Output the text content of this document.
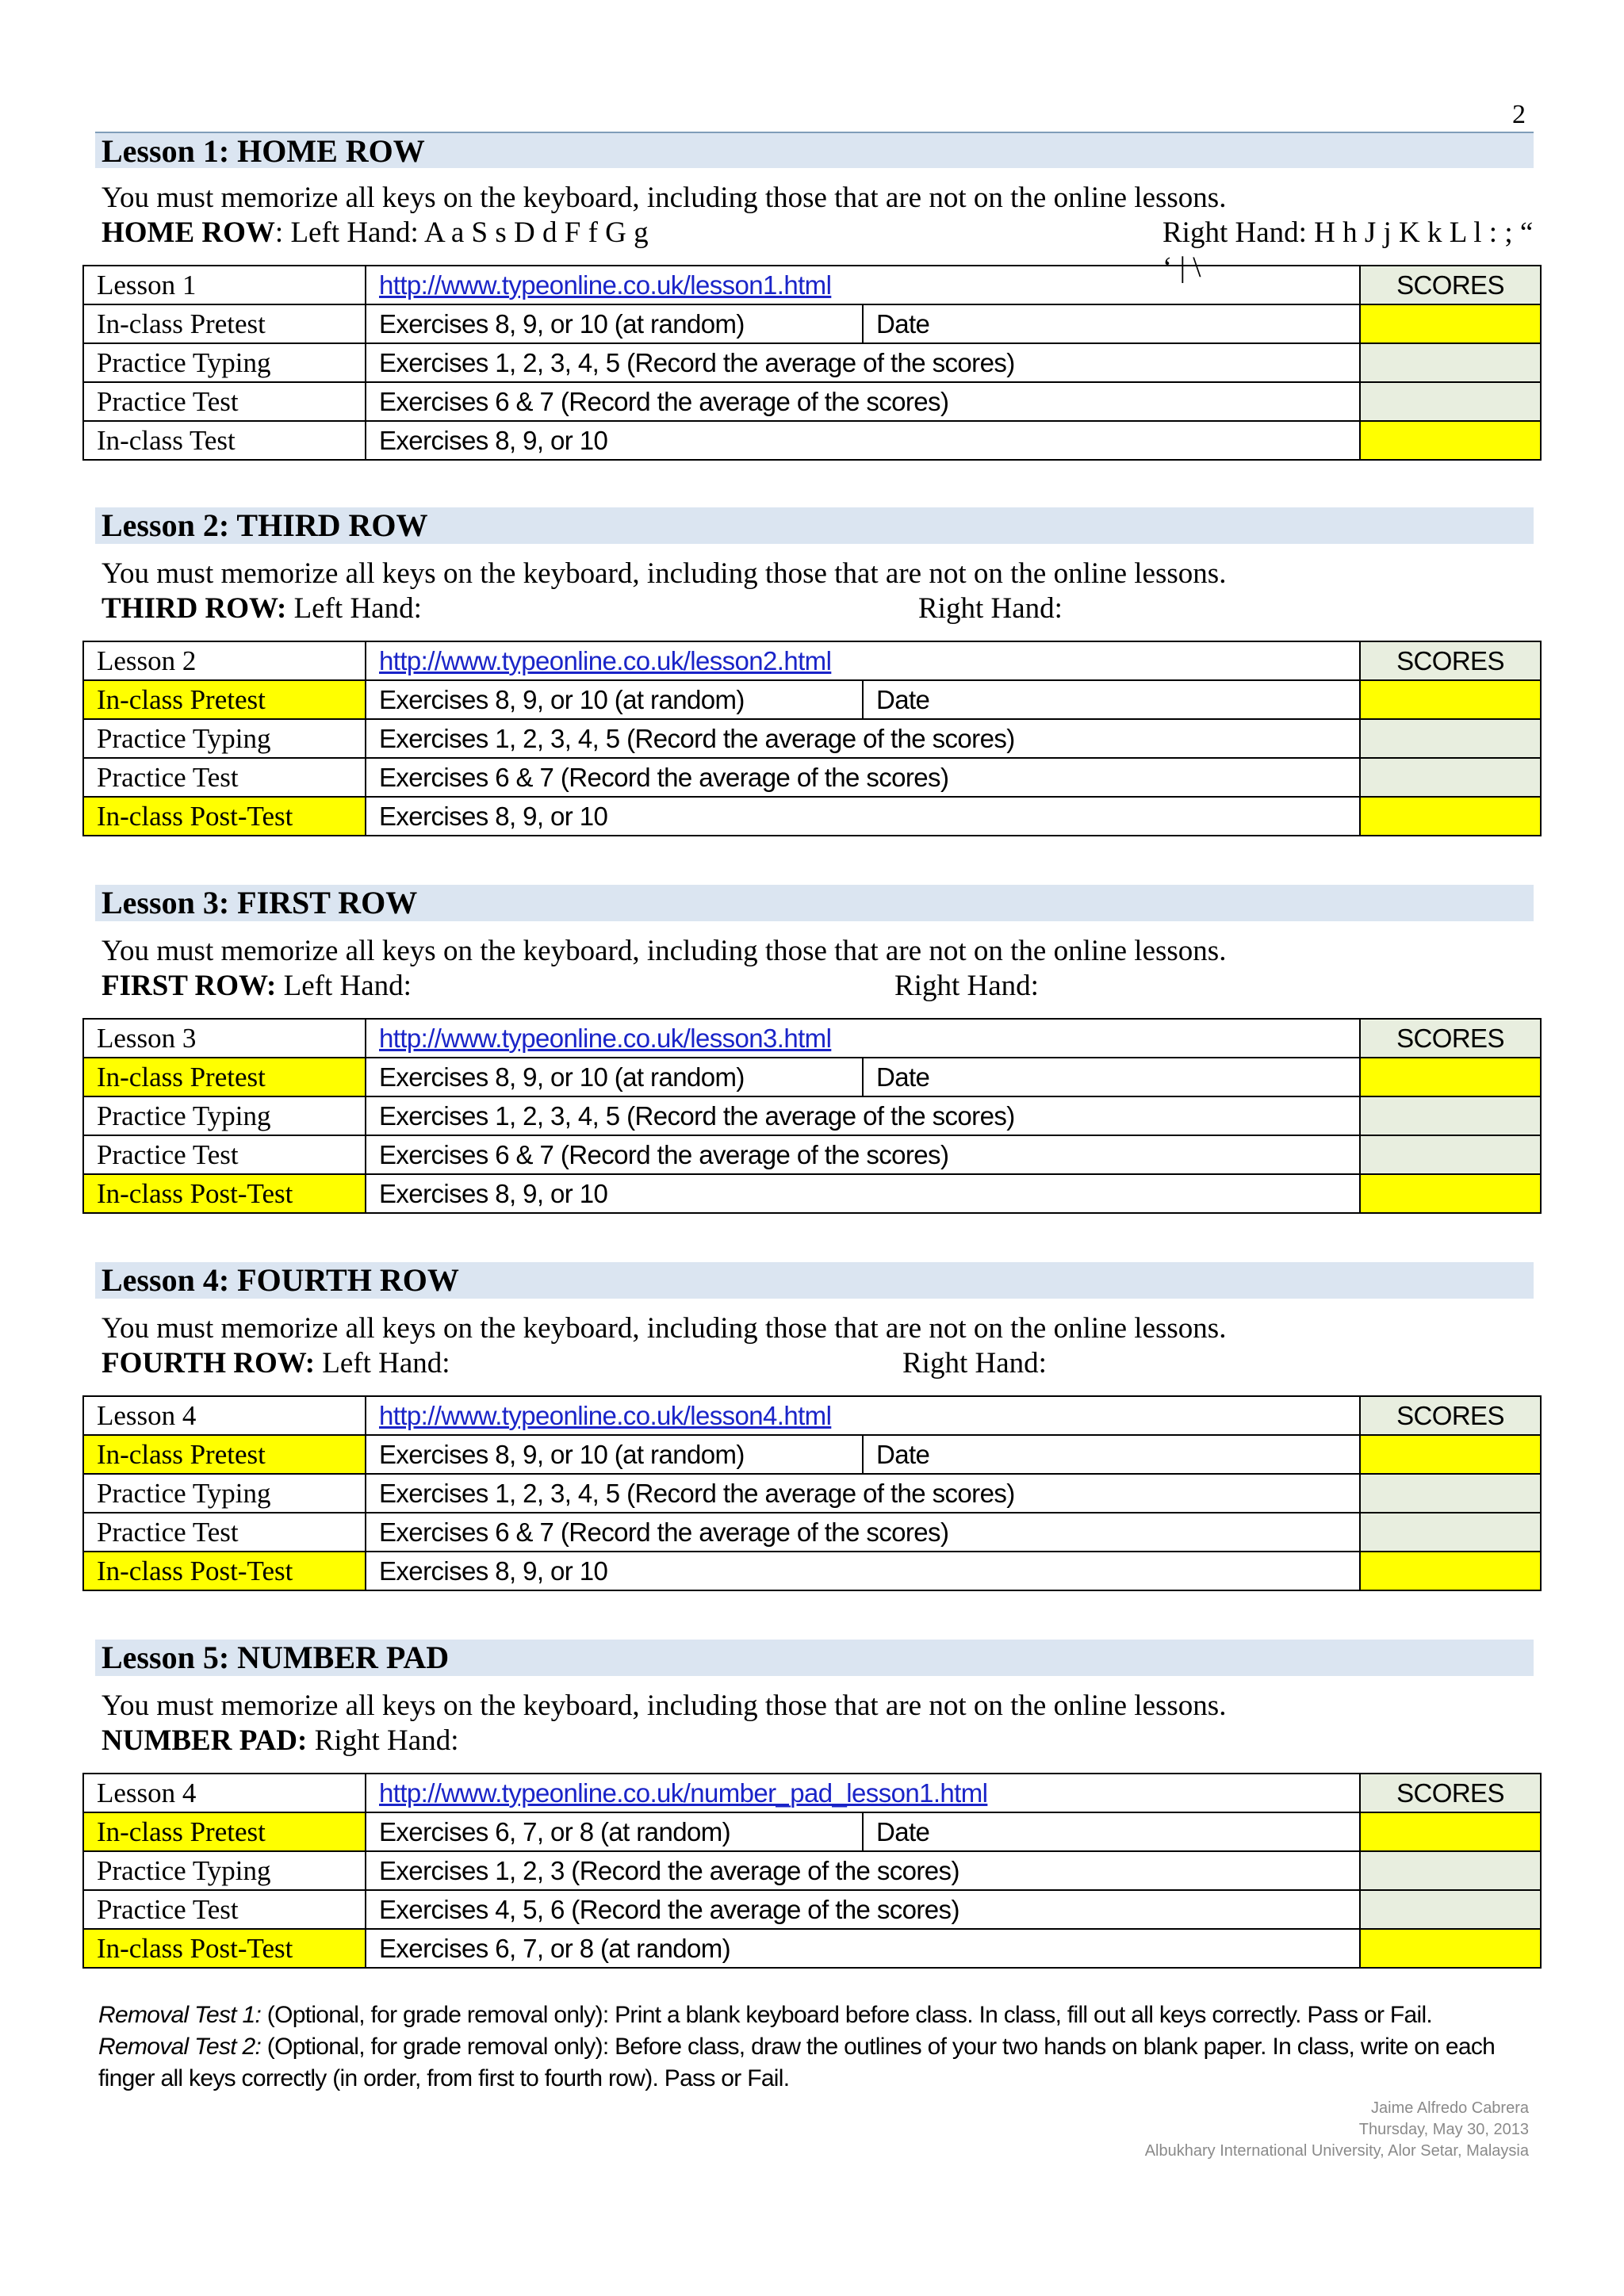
2
Lesson 1: HOME ROW
You must memorize all keys on the keyboard, including those that are not on the online lessons.
HOME ROW: Left Hand: A a S s D d F f G g	Right Hand: H h J j K k L l : ; “ ‘ | \
Lesson 1	http://www.typeonline.co.uk/lesson1.html		SCORES
In-class Pretest	Exercises 8, 9, or 10 (at random)	Date	
Practice Typing	Exercises 1, 2, 3, 4, 5 (Record the average of the scores)		
Practice Test	Exercises 6 & 7 (Record the average of the scores)		
In-class Test	Exercises 8, 9, or 10		
Lesson 2: THIRD ROW
You must memorize all keys on the keyboard, including those that are not on the online lessons.
THIRD ROW: Left Hand:	Right Hand:
Lesson 2	http://www.typeonline.co.uk/lesson2.html		SCORES
In-class Pretest	Exercises 8, 9, or 10 (at random)	Date	
Practice Typing	Exercises 1, 2, 3, 4, 5 (Record the average of the scores)		
Practice Test	Exercises 6 & 7 (Record the average of the scores)		
In-class Post-Test	Exercises 8, 9, or 10		
Lesson 3: FIRST ROW
You must memorize all keys on the keyboard, including those that are not on the online lessons.
FIRST ROW: Left Hand:	Right Hand:
Lesson 3	http://www.typeonline.co.uk/lesson3.html		SCORES
In-class Pretest	Exercises 8, 9, or 10 (at random)	Date	
Practice Typing	Exercises 1, 2, 3, 4, 5 (Record the average of the scores)		
Practice Test	Exercises 6 & 7 (Record the average of the scores)		
In-class Post-Test	Exercises 8, 9, or 10		
Lesson 4: FOURTH ROW
You must memorize all keys on the keyboard, including those that are not on the online lessons.
FOURTH ROW: Left Hand:	Right Hand:
Lesson 4	http://www.typeonline.co.uk/lesson4.html		SCORES
In-class Pretest	Exercises 8, 9, or 10 (at random)	Date	
Practice Typing	Exercises 1, 2, 3, 4, 5 (Record the average of the scores)		
Practice Test	Exercises 6 & 7 (Record the average of the scores)		
In-class Post-Test	Exercises 8, 9, or 10		
Lesson 5: NUMBER PAD
You must memorize all keys on the keyboard, including those that are not on the online lessons.
NUMBER PAD: Right Hand:
Lesson 4	http://www.typeonline.co.uk/number_pad_lesson1.html		SCORES
In-class Pretest	Exercises 6, 7, or 8 (at random)	Date	
Practice Typing	Exercises 1, 2, 3 (Record the average of the scores)		
Practice Test	Exercises 4, 5, 6 (Record the average of the scores)		
In-class Post-Test	Exercises 6, 7, or 8 (at random)		
Removal Test 1: (Optional, for grade removal only): Print a blank keyboard before class. In class, fill out all keys correctly. Pass or Fail.
Removal Test 2: (Optional, for grade removal only): Before class, draw the outlines of your two hands on blank paper. In class, write on each finger all keys correctly (in order, from first to fourth row). Pass or Fail.
Jaime Alfredo Cabrera
Thursday, May 30, 2013
Albukhary International University, Alor Setar, Malaysia
